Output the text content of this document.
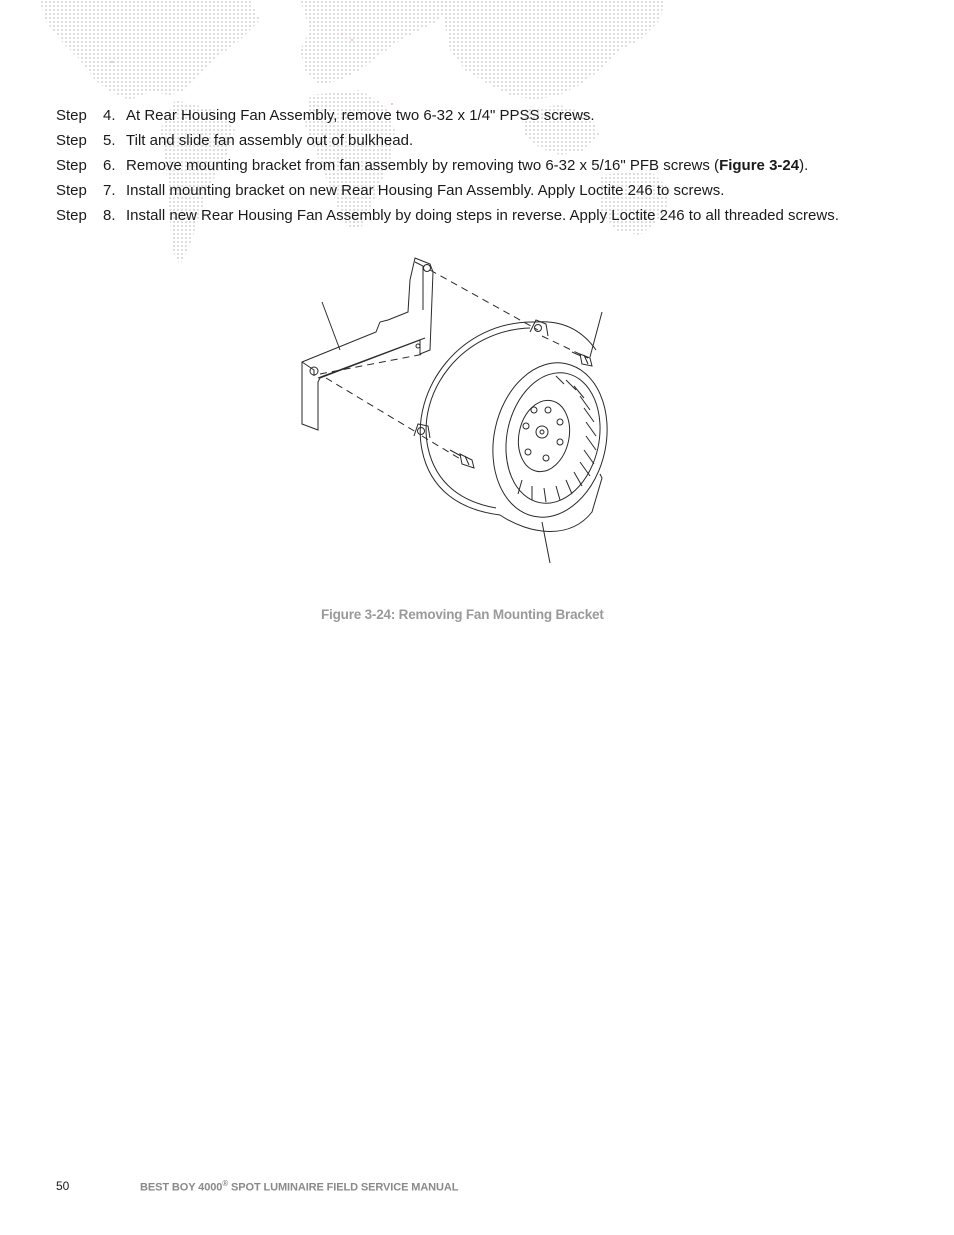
Step 4. At Rear Housing Fan Assembly, remove two 6-32 x 1/4" PPSS screws.
Step 5. Tilt and slide fan assembly out of bulkhead.
Step 6. Remove mounting bracket from fan assembly by removing two 6-32 x 5/16" PFB screws (Figure 3-24).
Step 7. Install mounting bracket on new Rear Housing Fan Assembly. Apply Loctite 246 to screws.
Step 8. Install new Rear Housing Fan Assembly by doing steps in reverse. Apply Loctite 246 to all threaded screws.
Figure 3-24: Removing Fan Mounting Bracket
50	BEST BOY 4000® SPOT LUMINAIRE FIELD SERVICE MANUAL
